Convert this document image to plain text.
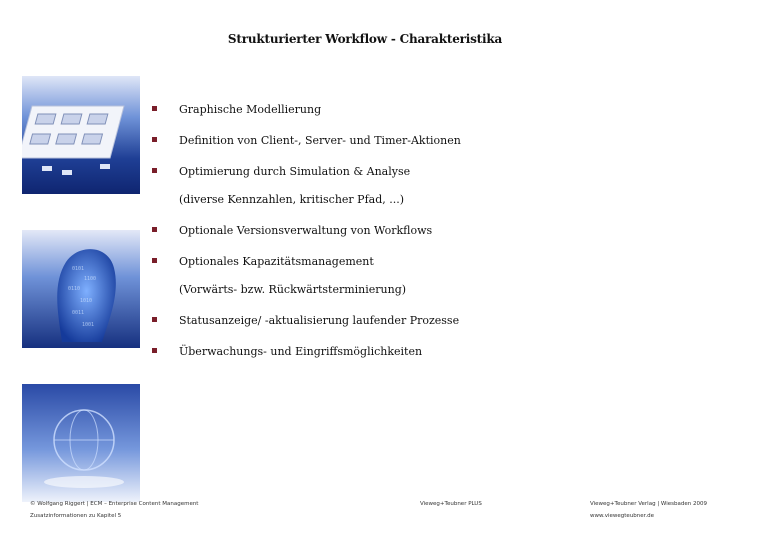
Strukturierter Workflow - Charakteristika
0101
1100
0110
1010
0011
1001
Graphische Modellierung
Definition von Client-, Server- und Timer-Aktionen
Optimierung durch Simulation & Analyse
(diverse Kennzahlen, kritischer Pfad, ...)
Optionale Versionsverwaltung von Workflows
Optionales Kapazitätsmanagement
(Vorwärts- bzw. Rückwärtsterminierung)
Statusanzeige/ -aktualisierung laufender Prozesse
Überwachungs- und Eingriffsmöglichkeiten
© Wolfgang Riggert | ECM – Enterprise Content Management
Zusatzinformationen zu Kapitel 5
Vieweg+Teubner PLUS	Vieweg+Teubner Verlag | Wiesbaden 2009
www.viewegteubner.de
